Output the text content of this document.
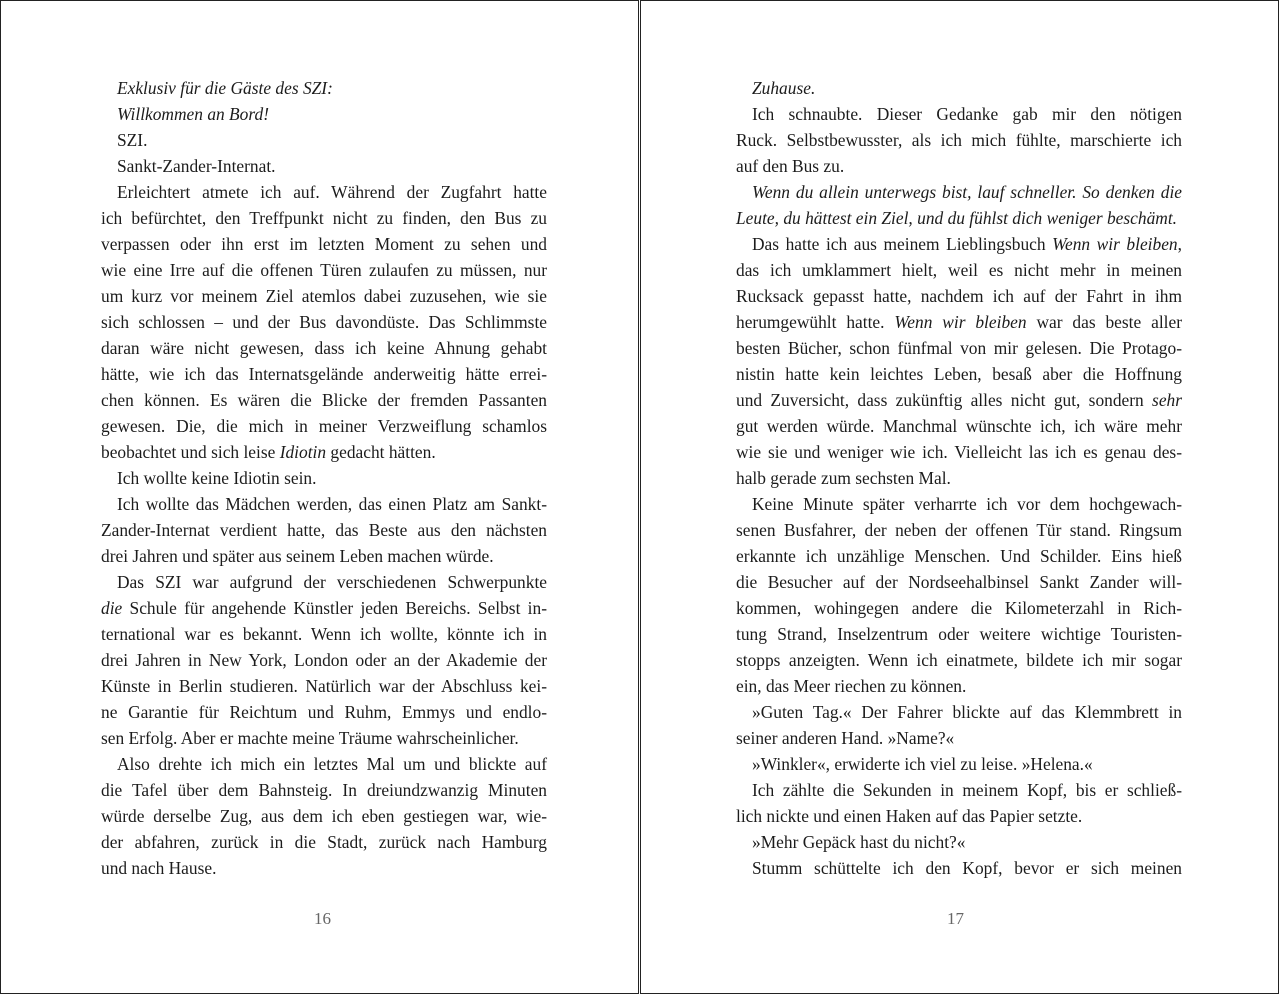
Exklusiv für die Gäste des SZI:
Willkommen an Bord!
SZI.
Sankt-Zander-Internat.
Erleichtert atmete ich auf. Während der Zugfahrt hatte
ich befürchtet, den Treffpunkt nicht zu finden, den Bus zu
verpassen oder ihn erst im letzten Moment zu sehen und
wie eine Irre auf die offenen Türen zulaufen zu müssen, nur
um kurz vor meinem Ziel atemlos dabei zuzusehen, wie sie
sich schlossen – und der Bus davondüste. Das Schlimmste
daran wäre nicht gewesen, dass ich keine Ahnung gehabt
hätte, wie ich das Internatsgelände anderweitig hätte errei-
chen können. Es wären die Blicke der fremden Passanten
gewesen. Die, die mich in meiner Verzweiflung schamlos
beobachtet und sich leise Idiotin gedacht hätten.
Ich wollte keine Idiotin sein.
Ich wollte das Mädchen werden, das einen Platz am Sankt-
Zander-Internat verdient hatte, das Beste aus den nächsten
drei Jahren und später aus seinem Leben machen würde.
Das SZI war aufgrund der verschiedenen Schwerpunkte
die Schule für angehende Künstler jeden Bereichs. Selbst in-
ternational war es bekannt. Wenn ich wollte, könnte ich in
drei Jahren in New York, London oder an der Akademie der
Künste in Berlin studieren. Natürlich war der Abschluss kei-
ne Garantie für Reichtum und Ruhm, Emmys und endlo-
sen Erfolg. Aber er machte meine Träume wahrscheinlicher.
Also drehte ich mich ein letztes Mal um und blickte auf
die Tafel über dem Bahnsteig. In dreiundzwanzig Minuten
würde derselbe Zug, aus dem ich eben gestiegen war, wie-
der abfahren, zurück in die Stadt, zurück nach Hamburg
und nach Hause.
16
Zuhause.
Ich schnaubte. Dieser Gedanke gab mir den nötigen
Ruck. Selbstbewusster, als ich mich fühlte, marschierte ich
auf den Bus zu.
Wenn du allein unterwegs bist, lauf schneller. So denken die
Leute, du hättest ein Ziel, und du fühlst dich weniger beschämt.
Das hatte ich aus meinem Lieblingsbuch Wenn wir bleiben,
das ich umklammert hielt, weil es nicht mehr in meinen
Rucksack gepasst hatte, nachdem ich auf der Fahrt in ihm
herumgewühlt hatte. Wenn wir bleiben war das beste aller
besten Bücher, schon fünfmal von mir gelesen. Die Protago-
nistin hatte kein leichtes Leben, besaß aber die Hoffnung
und Zuversicht, dass zukünftig alles nicht gut, sondern sehr
gut werden würde. Manchmal wünschte ich, ich wäre mehr
wie sie und weniger wie ich. Vielleicht las ich es genau des-
halb gerade zum sechsten Mal.
Keine Minute später verharrte ich vor dem hochgewach-
senen Busfahrer, der neben der offenen Tür stand. Ringsum
erkannte ich unzählige Menschen. Und Schilder. Eins hieß
die Besucher auf der Nordseehalbinsel Sankt Zander will-
kommen, wohingegen andere die Kilometerzahl in Rich-
tung Strand, Inselzentrum oder weitere wichtige Touristen-
stopps anzeigten. Wenn ich einatmete, bildete ich mir sogar
ein, das Meer riechen zu können.
»Guten Tag.« Der Fahrer blickte auf das Klemmbrett in
seiner anderen Hand. »Name?«
»Winkler«, erwiderte ich viel zu leise. »Helena.«
Ich zählte die Sekunden in meinem Kopf, bis er schließ-
lich nickte und einen Haken auf das Papier setzte.
»Mehr Gepäck hast du nicht?«
Stumm schüttelte ich den Kopf, bevor er sich meinen
17
